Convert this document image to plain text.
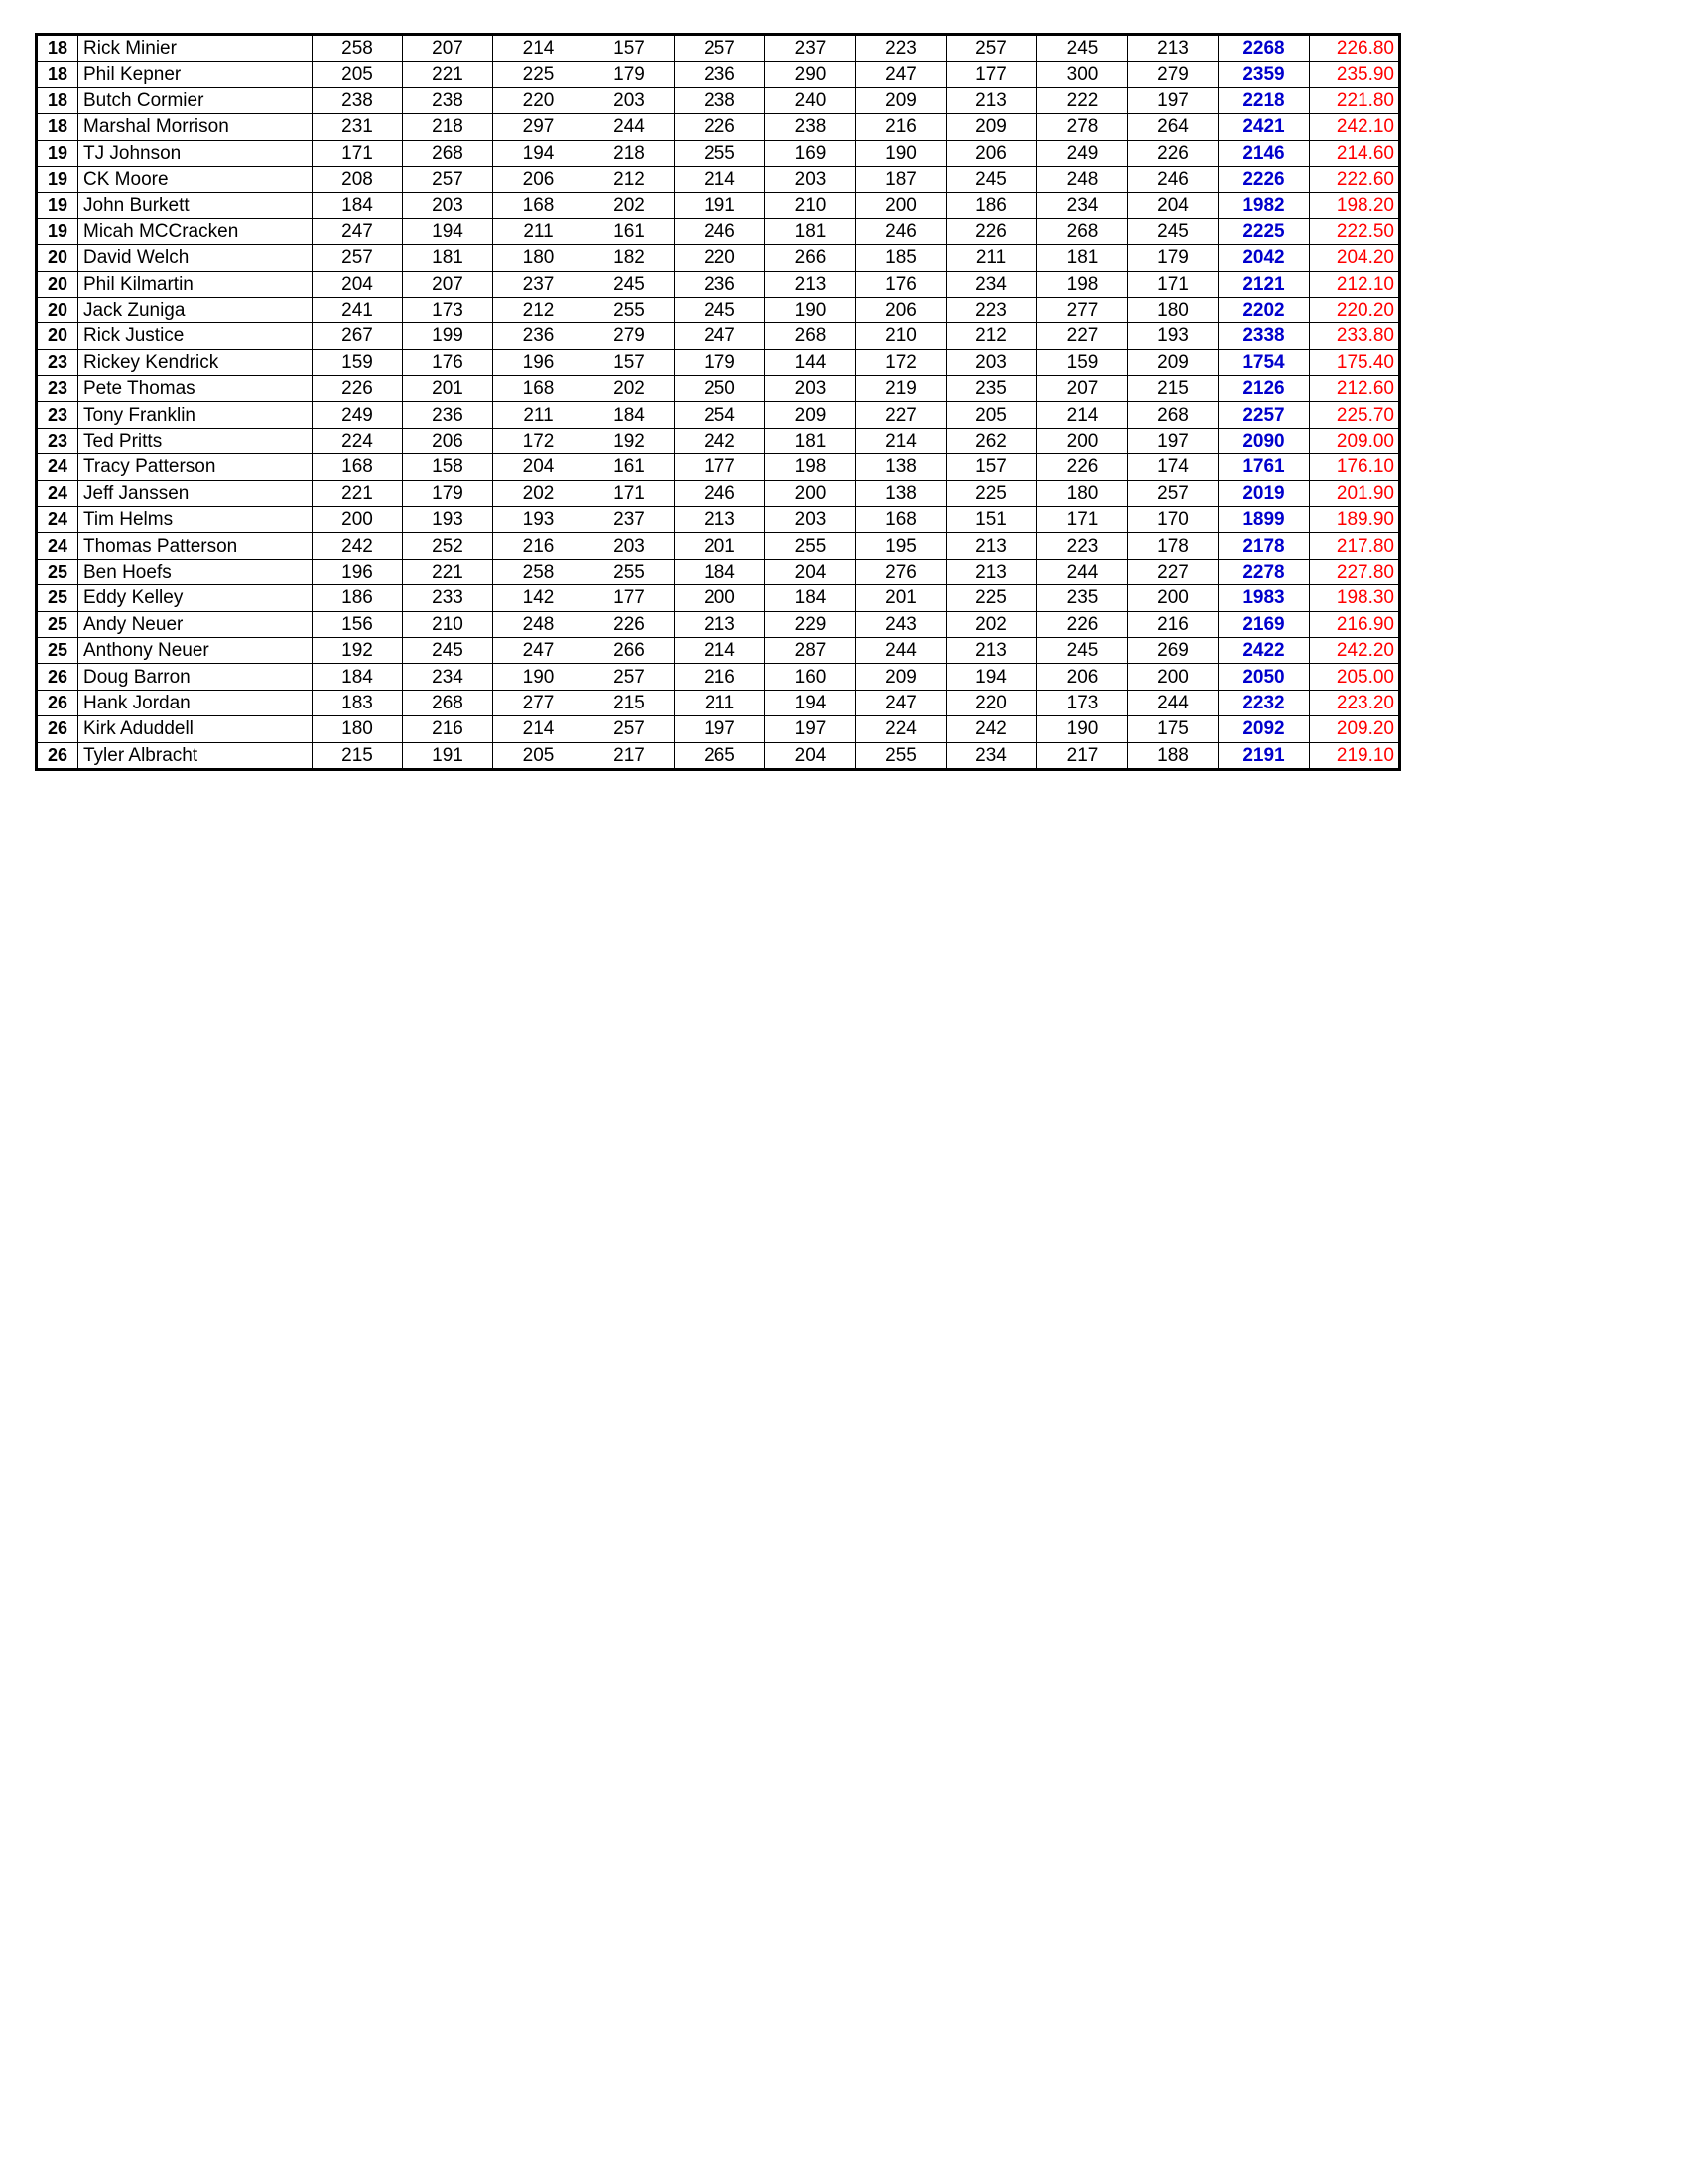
18	Rick Minier	258	207	214	157	257	237	223	257	245	213	2268	226.80
18	Phil Kepner	205	221	225	179	236	290	247	177	300	279	2359	235.90
18	Butch Cormier	238	238	220	203	238	240	209	213	222	197	2218	221.80
18	Marshal Morrison	231	218	297	244	226	238	216	209	278	264	2421	242.10
19	TJ Johnson	171	268	194	218	255	169	190	206	249	226	2146	214.60
19	CK Moore	208	257	206	212	214	203	187	245	248	246	2226	222.60
19	John Burkett	184	203	168	202	191	210	200	186	234	204	1982	198.20
19	Micah MCCracken	247	194	211	161	246	181	246	226	268	245	2225	222.50
20	David Welch	257	181	180	182	220	266	185	211	181	179	2042	204.20
20	Phil Kilmartin	204	207	237	245	236	213	176	234	198	171	2121	212.10
20	Jack Zuniga	241	173	212	255	245	190	206	223	277	180	2202	220.20
20	Rick Justice	267	199	236	279	247	268	210	212	227	193	2338	233.80
23	Rickey Kendrick	159	176	196	157	179	144	172	203	159	209	1754	175.40
23	Pete Thomas	226	201	168	202	250	203	219	235	207	215	2126	212.60
23	Tony Franklin	249	236	211	184	254	209	227	205	214	268	2257	225.70
23	Ted Pritts	224	206	172	192	242	181	214	262	200	197	2090	209.00
24	Tracy Patterson	168	158	204	161	177	198	138	157	226	174	1761	176.10
24	Jeff Janssen	221	179	202	171	246	200	138	225	180	257	2019	201.90
24	Tim Helms	200	193	193	237	213	203	168	151	171	170	1899	189.90
24	Thomas Patterson	242	252	216	203	201	255	195	213	223	178	2178	217.80
25	Ben Hoefs	196	221	258	255	184	204	276	213	244	227	2278	227.80
25	Eddy Kelley	186	233	142	177	200	184	201	225	235	200	1983	198.30
25	Andy Neuer	156	210	248	226	213	229	243	202	226	216	2169	216.90
25	Anthony Neuer	192	245	247	266	214	287	244	213	245	269	2422	242.20
26	Doug Barron	184	234	190	257	216	160	209	194	206	200	2050	205.00
26	Hank Jordan	183	268	277	215	211	194	247	220	173	244	2232	223.20
26	Kirk Aduddell	180	216	214	257	197	197	224	242	190	175	2092	209.20
26	Tyler Albracht	215	191	205	217	265	204	255	234	217	188	2191	219.10
